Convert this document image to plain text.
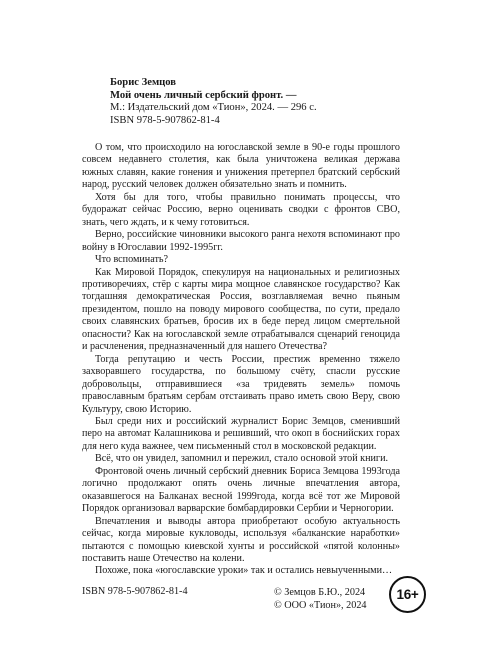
Борис Земцов
Мой очень личный сербский фронт. —
М.: Издательский дом «Тион», 2024. — 296 с.
ISBN 978-5-907862-81-4

О том, что происходило на югославской земле в 90-е годы прошлого совсем недавнего столетия, как была уничтожена великая держава южных славян, какие гонения и унижения претерпел братский сербский народ, русский человек должен обязательно знать и помнить.

Хотя бы для того, чтобы правильно понимать процессы, что будоражат сейчас Россию, верно оценивать сводки с фронтов СВО, знать, чего ждать, и к чему готовиться.

Верно, российские чиновники высокого ранга нехотя вспоминают про войну в Югославии 1992-1995гг.

Что вспоминать?

Как Мировой Порядок, спекулируя на национальных и религиозных противоречиях, стёр с карты мира мощное славянское государство? Как тогдашняя демократическая Россия, возглавляемая вечно пьяным президентом, пошло на поводу мирового сообщества, по сути, предало своих славянских братьев, бросив их в беде перед лицом смертельной опасности? Как на югославской земле отрабатывался сценарий геноцида и расчленения, предназначенный для нашего Отечества?

Тогда репутацию и честь России, престиж временно тяжело захворавшего государства, по большому счёту, спасли русские добровольцы, отправившиеся «за тридевять земель» помочь православным братьям сербам отстаивать право иметь свою Веру, свою Культуру, свою Историю.

Был среди них и российский журналист Борис Земцов, сменивший перо на автомат Калашникова и решивший, что окоп в боснийских горах для него куда важнее, чем письменный стол в московской редакции.

Всё, что он увидел, запомнил и пережил, стало основой этой книги.

Фронтовой очень личный сербский дневник Бориса Земцова 1993года логично продолжают опять очень личные впечатления автора, оказавшегося на Балканах весной 1999года, когда всё тот же Мировой Порядок организовал варварские бомбардировки Сербии и Черногории.

Впечатления и выводы автора приобретают особую актуальность сейчас, когда мировые кукловоды, используя «балканские наработки» пытаются с помощью киевской хунты и российской «пятой колонны» поставить наше Отечество на колени.

Похоже, пока «югославские уроки» так и остались невыученными…

ISBN 978-5-907862-81-4	© Земцов Б.Ю., 2024
© ООО «Тион», 2024
16+
